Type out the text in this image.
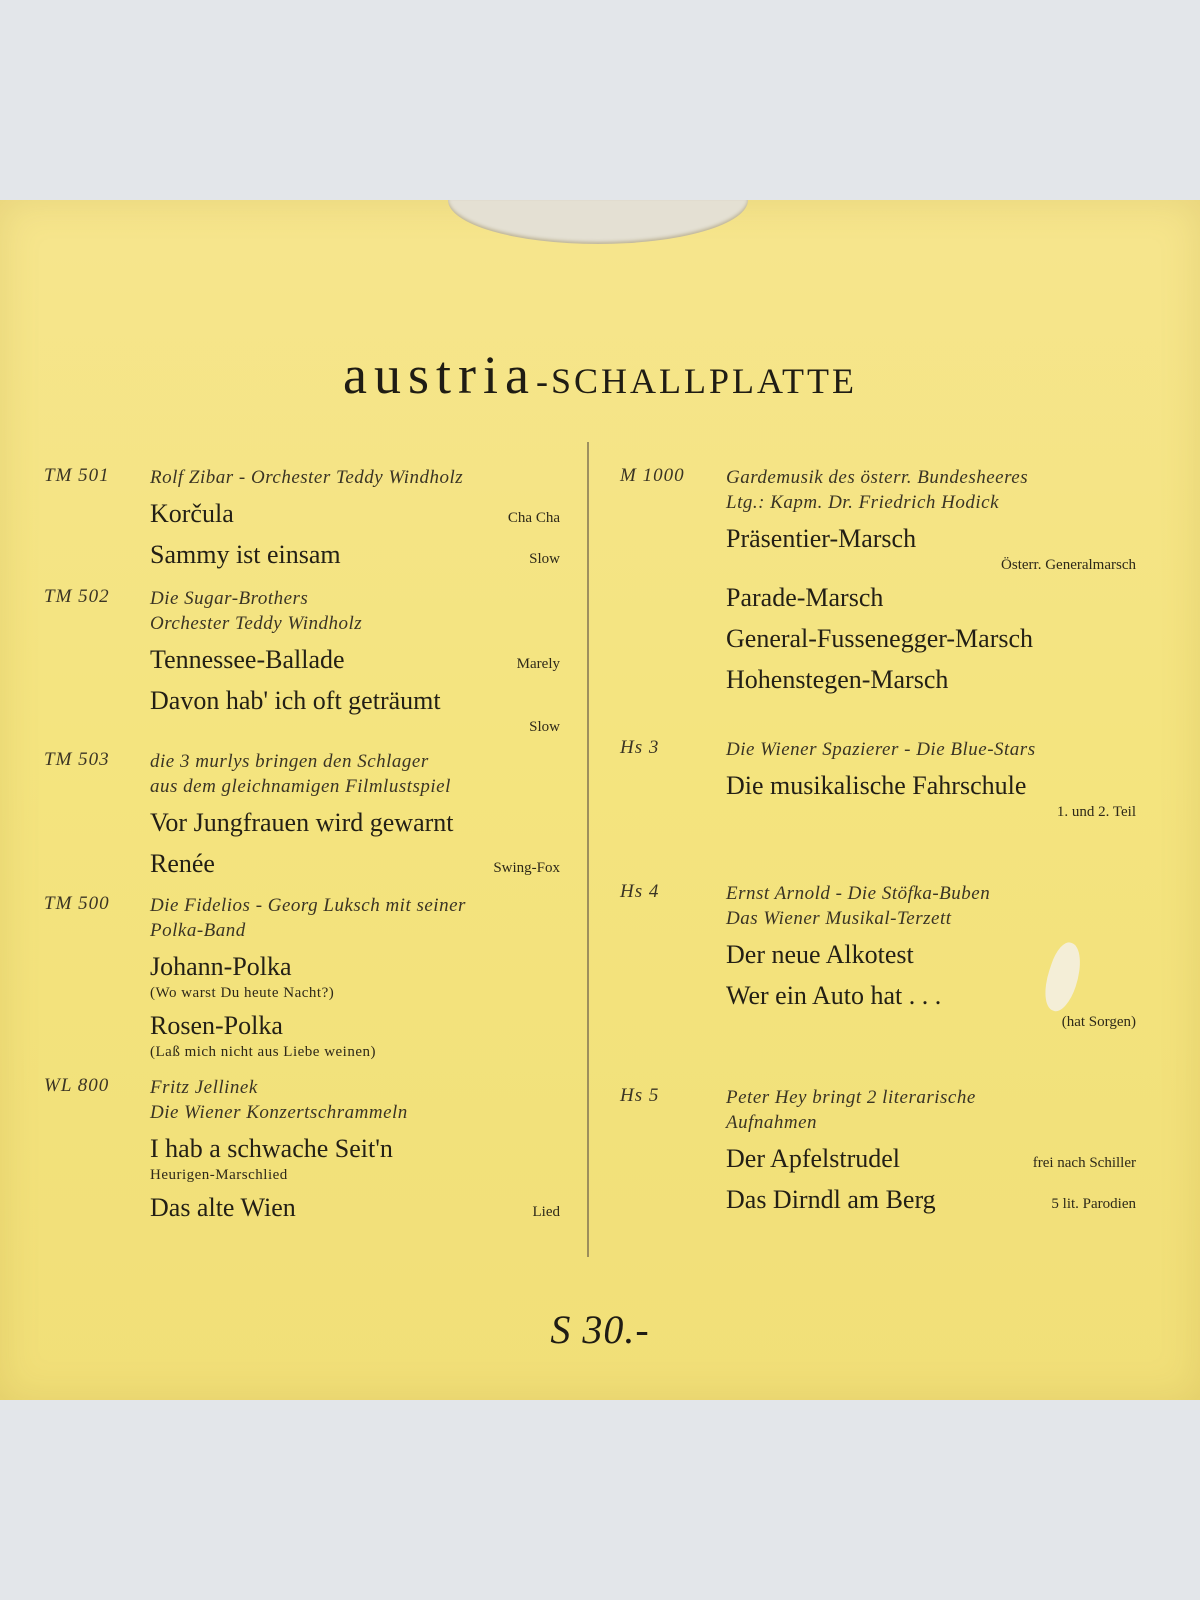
austria-SCHALLPLATTE
TM 501 Rolf Zibar - Orchester Teddy Windholz
Korčula	Cha Cha
Sammy ist einsam	Slow
TM 502 Die Sugar-Brothers
Orchester Teddy Windholz
Tennessee-Ballade	Marely
Davon hab' ich oft geträumt
Slow
TM 503 die 3 murlys bringen den Schlager
aus dem gleichnamigen Filmlustspiel
Vor Jungfrauen wird gewarnt
Renée	Swing-Fox
TM 500 Die Fidelios - Georg Luksch mit seiner
Polka-Band
Johann-Polka
(Wo warst Du heute Nacht?)
Rosen-Polka
(Laß mich nicht aus Liebe weinen)
WL 800 Fritz Jellinek
Die Wiener Konzertschrammeln
I hab a schwache Seit'n
Heurigen-Marschlied
Das alte Wien	Lied
M 1000 Gardemusik des österr. Bundesheeres
Ltg.: Kapm. Dr. Friedrich Hodick
Präsentier-Marsch
Österr. Generalmarsch
Parade-Marsch
General-Fussenegger-Marsch
Hohenstegen-Marsch
Hs 3	Die Wiener Spazierer - Die Blue-Stars
Die musikalische Fahrschule
1. und 2. Teil
Hs 4	Ernst Arnold - Die Stöfka-Buben
Das Wiener Musikal-Terzett
Der neue Alkotest
Wer ein Auto hat . . .
(hat Sorgen)
Hs 5	Peter Hey bringt 2 literarische
Aufnahmen
Der Apfelstrudel	frei nach Schiller
Das Dirndl am Berg	5 lit. Parodien
S 30.-
